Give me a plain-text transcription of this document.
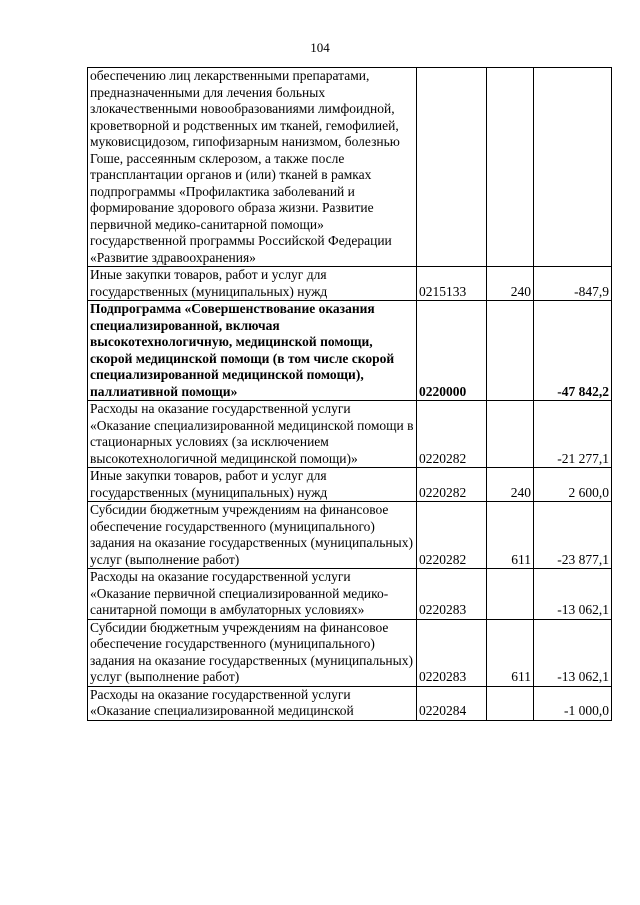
104
обеспечению лиц лекарственными препаратами, предназначенными для лечения больных злокачественными новообразованиями лимфоидной, кроветворной и родственных им тканей, гемофилией, муковисцидозом, гипофизарным нанизмом, болезнью Гоше, рассеянным склерозом, а также после трансплантации органов и (или) тканей в рамках подпрограммы «Профилактика заболеваний и формирование здорового образа жизни. Развитие первичной медико-санитарной помощи» государственной программы Российской Федерации «Развитие здравоохранения»			
Иные закупки товаров, работ и услуг для государственных (муниципальных) нужд	0215133	240	-847,9
Подпрограмма «Совершенствование оказания специализированной, включая высокотехнологичную, медицинской помощи, скорой медицинской помощи (в том числе скорой специализированной медицинской помощи), паллиативной помощи»	0220000		-47 842,2
Расходы на оказание государственной услуги «Оказание специализированной медицинской помощи в стационарных условиях (за исключением высокотехнологичной медицинской помощи)»	0220282		-21 277,1
Иные закупки товаров, работ и услуг для государственных (муниципальных) нужд	0220282	240	2 600,0
Субсидии бюджетным учреждениям на финансовое обеспечение государственного (муниципального) задания на оказание государственных (муниципальных) услуг (выполнение работ)	0220282	611	-23 877,1
Расходы на оказание государственной услуги «Оказание первичной специализированной медико-санитарной помощи в амбулаторных условиях»	0220283		-13 062,1
Субсидии бюджетным учреждениям на финансовое обеспечение государственного (муниципального) задания на оказание государственных (муниципальных) услуг (выполнение работ)	0220283	611	-13 062,1
Расходы на оказание государственной услуги «Оказание специализированной медицинской	0220284		-1 000,0
